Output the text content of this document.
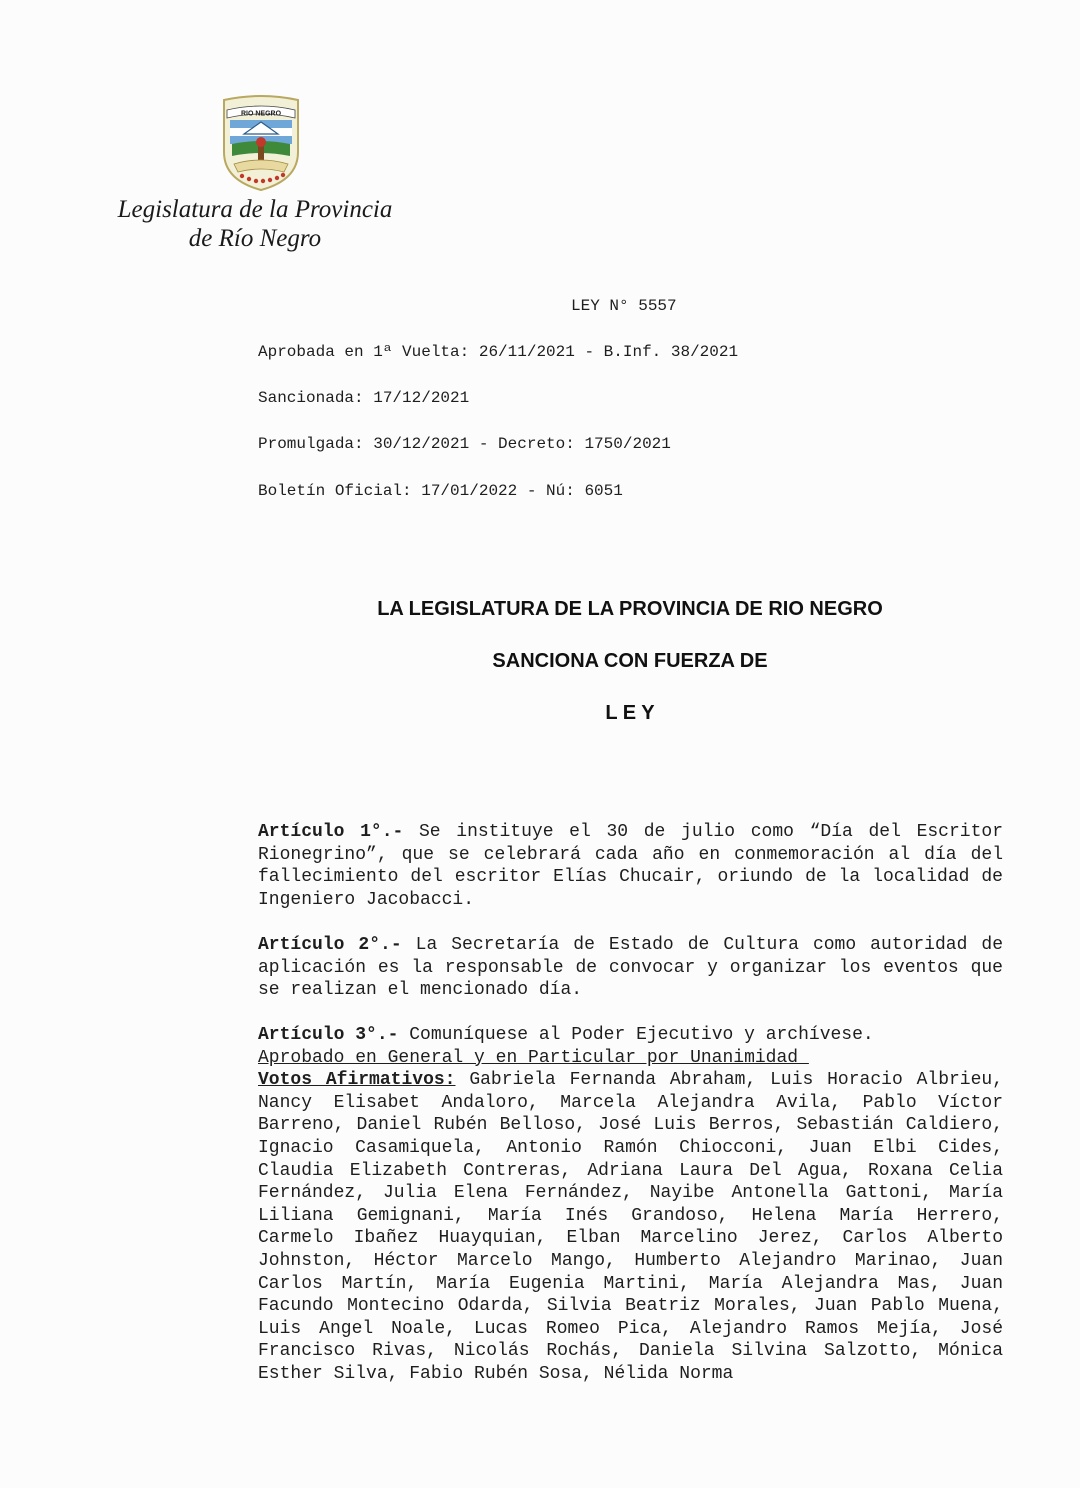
RIO NEGRO
Legislatura de la Provincia
de Río Negro
LEY N° 5557
Aprobada en 1ª Vuelta: 26/11/2021 - B.Inf. 38/2021
Sancionada: 17/12/2021
Promulgada: 30/12/2021 - Decreto: 1750/2021
Boletín Oficial: 17/01/2022 - Nú: 6051
LA LEGISLATURA DE LA PROVINCIA DE RIO NEGRO
SANCIONA CON FUERZA DE
L E Y
Artículo 1°.- Se instituye el 30 de julio como “Día del Escritor Rionegrino”, que se celebrará cada año en conmemoración al día del fallecimiento del escritor Elías Chucair, oriundo de la localidad de Ingeniero Jacobacci.
Artículo 2°.- La Secretaría de Estado de Cultura como autoridad de aplicación es la responsable de convocar y organizar los eventos que se realizan el mencionado día.
Artículo 3°.- Comuníquese al Poder Ejecutivo y archívese.
Aprobado en General y en Particular por Unanimidad
Votos Afirmativos: Gabriela Fernanda Abraham, Luis Horacio Albrieu, Nancy Elisabet Andaloro, Marcela Alejandra Avila, Pablo Víctor Barreno, Daniel Rubén Belloso, José Luis Berros, Sebastián Caldiero, Ignacio Casamiquela, Antonio Ramón Chiocconi, Juan Elbi Cides, Claudia Elizabeth Contreras, Adriana Laura Del Agua, Roxana Celia Fernández, Julia Elena Fernández, Nayibe Antonella Gattoni, María Liliana Gemignani, María Inés Grandoso, Helena María Herrero, Carmelo Ibañez Huayquian, Elban Marcelino Jerez, Carlos Alberto Johnston, Héctor Marcelo Mango, Humberto Alejandro Marinao, Juan Carlos Martín, María Eugenia Martini, María Alejandra Mas, Juan Facundo Montecino Odarda, Silvia Beatriz Morales, Juan Pablo Muena, Luis Angel Noale, Lucas Romeo Pica, Alejandro Ramos Mejía, José Francisco Rivas, Nicolás Rochás, Daniela Silvina Salzotto, Mónica Esther Silva, Fabio Rubén Sosa, Nélida Norma
